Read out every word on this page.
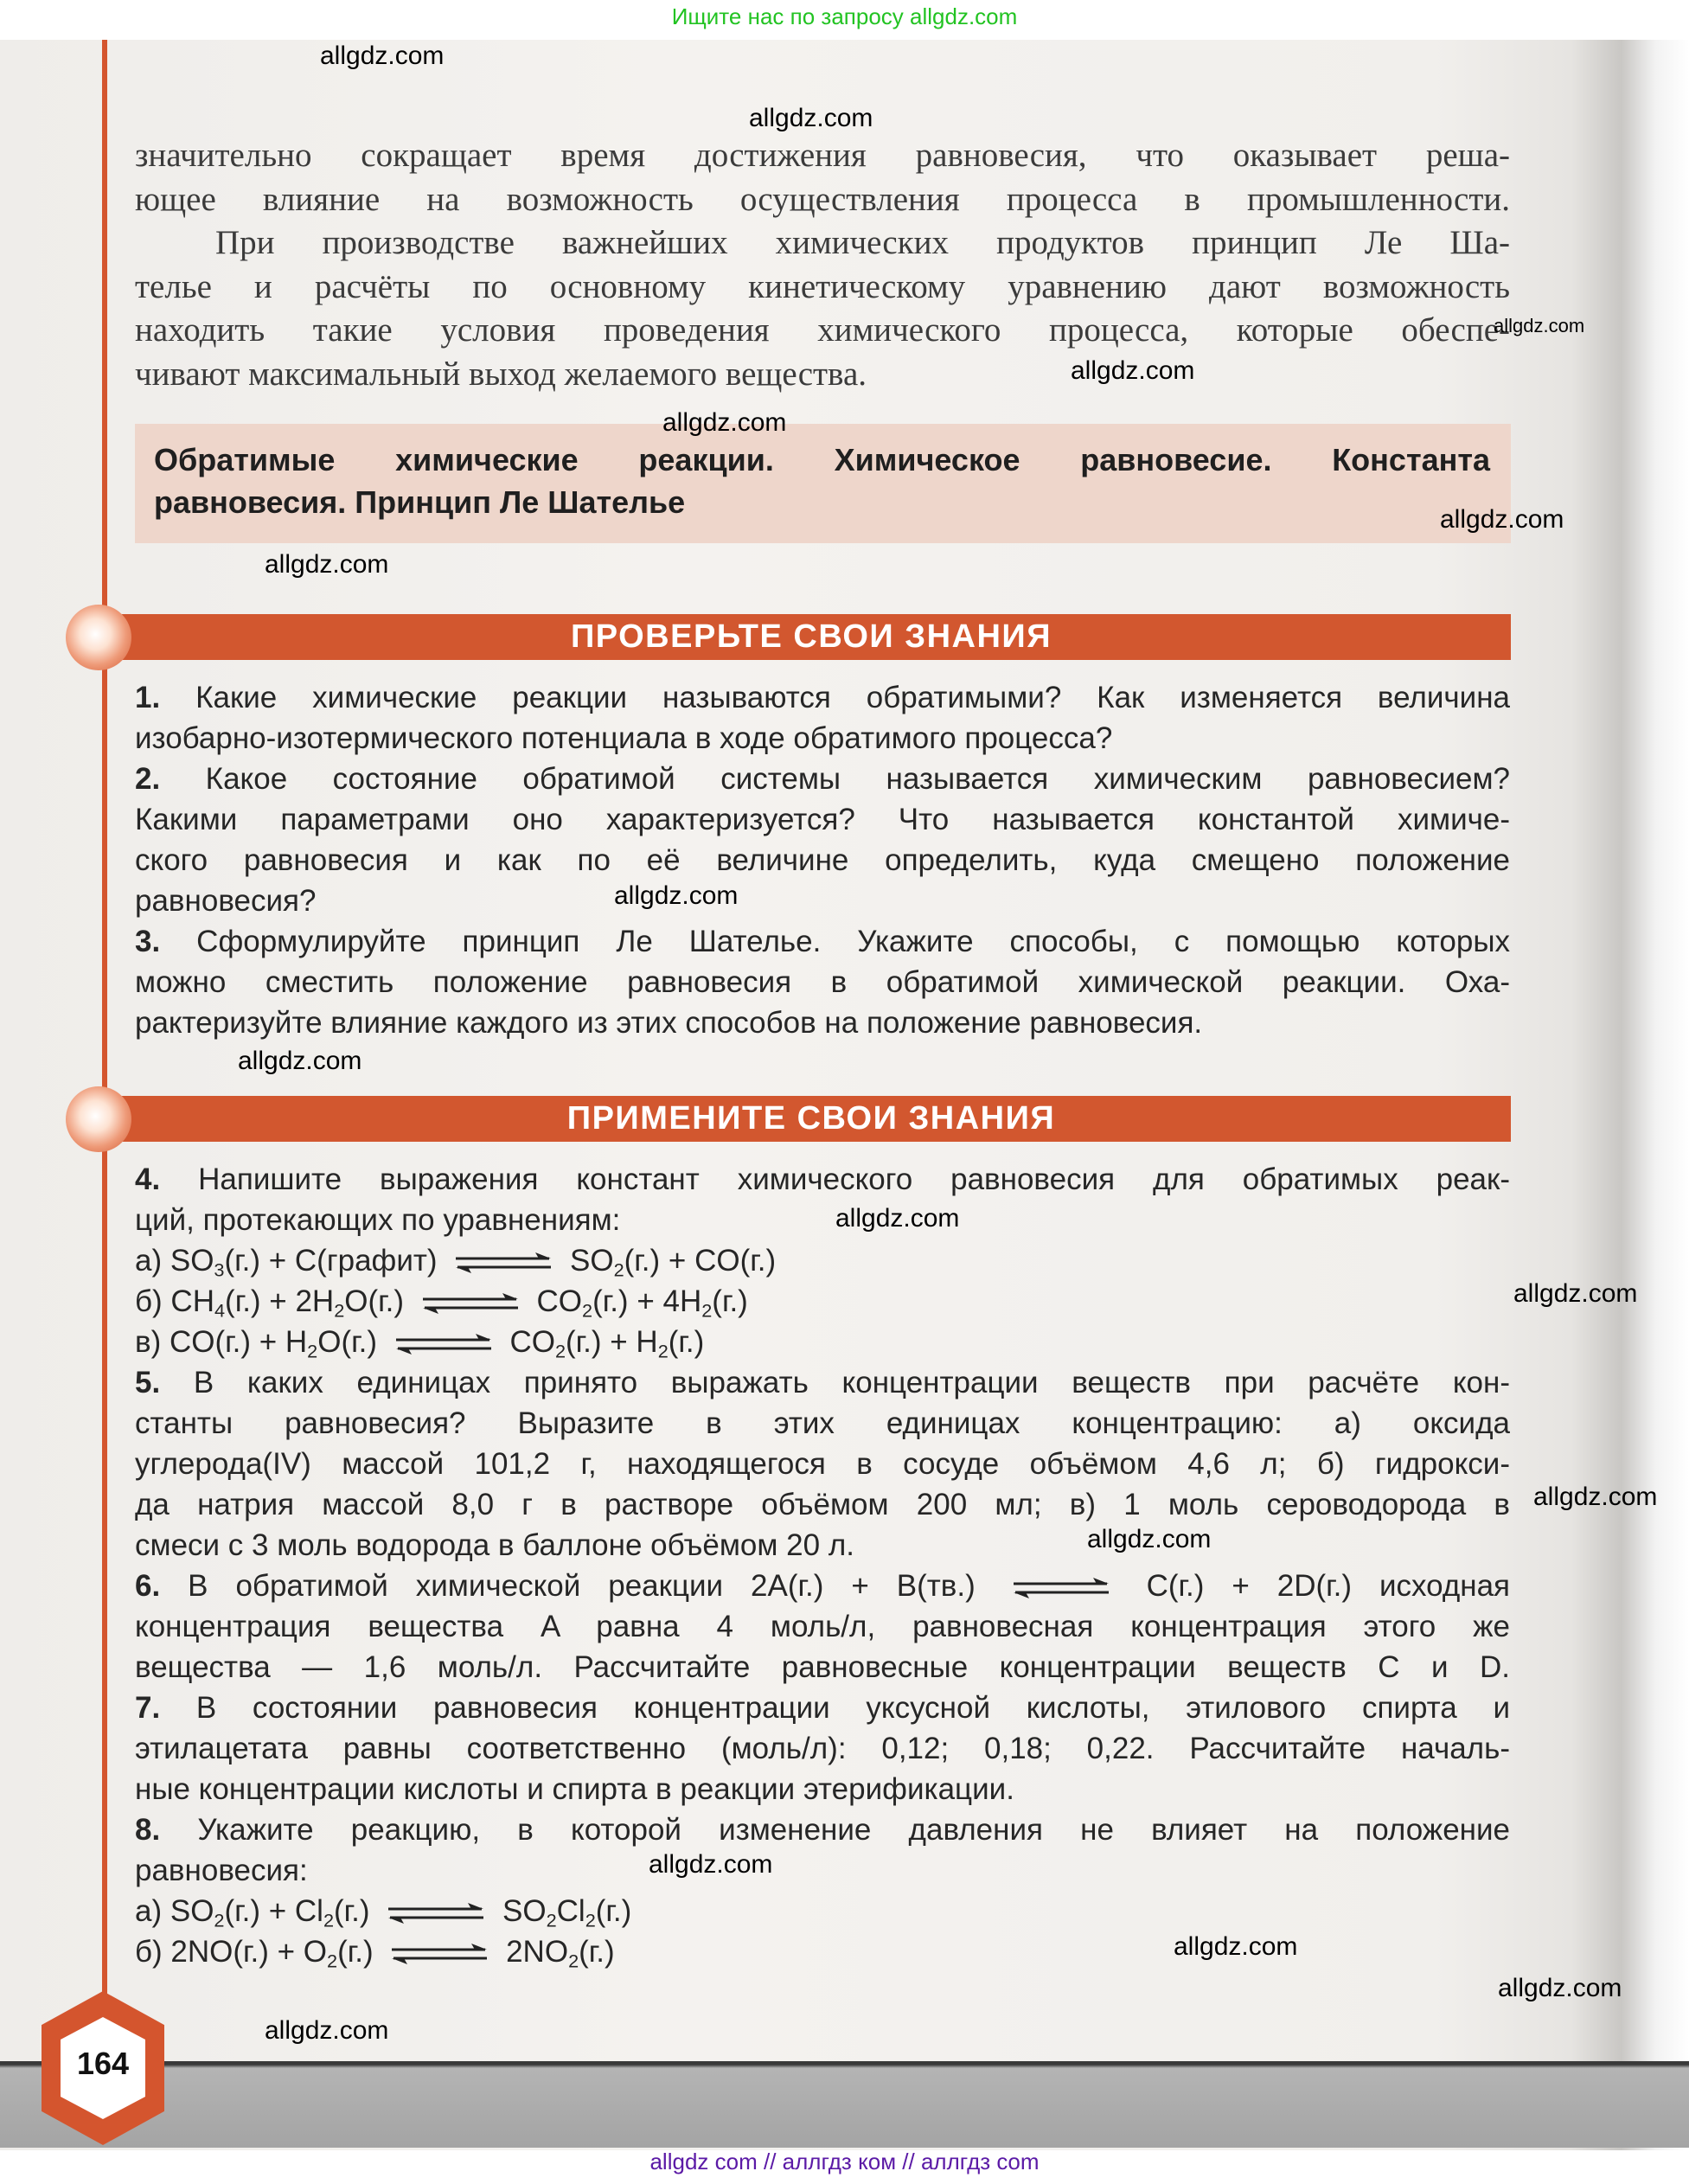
Ищите нас по запросу allgdz.com
значительно сокращает время достижения равновесия, что оказывает реша-
ющее влияние на возможность осуществления процесса в промышленности.
При производстве важнейших химических продуктов принцип Ле Ша-
телье и расчёты по основному кинетическому уравнению дают возможность
находить такие условия проведения химического процесса, которые обеспе-
чивают максимальный выход желаемого вещества.
Обратимые химические реакции. Химическое равновесие. Константа
равновесия. Принцип Ле Шателье
ПРОВЕРЬТЕ СВОИ ЗНАНИЯ
1. Какие химические реакции называются обратимыми? Как изменяется величина
изобарно-изотермического потенциала в ходе обратимого процесса?
2. Какое состояние обратимой системы называется химическим равновесием?
Какими параметрами оно характеризуется? Что называется константой химиче-
ского равновесия и как по её величине определить, куда смещено положение
равновесия?
3. Сформулируйте принцип Ле Шателье. Укажите способы, с помощью которых
можно сместить положение равновесия в обратимой химической реакции. Оха-
рактеризуйте влияние каждого из этих способов на положение равновесия.
ПРИМЕНИТЕ СВОИ ЗНАНИЯ
4. Напишите выражения констант химического равновесия для обратимых реак-
ций, протекающих по уравнениям:
а) $SO_3(г.)$ + C(графит) ⇌ $SO_2(г.) + CO(г.)$
б) $CH_4(г.) + 2H_2O(г.)$ ⇌ $CO_2(г.) + 4H_2(г.)$
в) $CO(г.) + H_2O(г.)$ ⇌ $CO_2(г.) + H_2(г.)$
5. В каких единицах принято выражать концентрации веществ при расчёте кон-
станты равновесия? Выразите в этих единицах концентрацию: а) оксида
углерода(IV) массой 101,2 г, находящегося в сосуде объёмом 4,6 л; б) гидрокси-
да натрия массой 8,0 г в растворе объёмом 200 мл; в) 1 моль сероводорода в
смеси с 3 моль водорода в баллоне объёмом 20 л.
6. В обратимой химической реакции 2A(г.) + B(тв.) ⇌ C(г.) + 2D(г.) исходная
концентрация вещества A равна 4 моль/л, равновесная концентрация этого же
вещества — 1,6 моль/л. Рассчитайте равновесные концентрации веществ C и D.
7. В состоянии равновесия концентрации уксусной кислоты, этилового спирта и
этилацетата равны соответственно (моль/л): 0,12; 0,18; 0,22. Рассчитайте началь-
ные концентрации кислоты и спирта в реакции этерификации.
8. Укажите реакцию, в которой изменение давления не влияет на положение
равновесия:
а) $SO_2(г.) + Cl_2(г.)$ ⇌ $SO_2Cl_2(г.)$
б) $2NO(г.) + O_2(г.)$ ⇌ $2NO_2(г.)$
164
allgdz.com
allgdz.com
allgdz.com
allgdz.com
allgdz.com
allgdz.com
allgdz.com
allgdz.com
allgdz.com
allgdz.com
allgdz.com
allgdz.com
allgdz.com
allgdz.com
allgdz.com
allgdz.com
allgdz.com
allgdz com // аллгдз ком // аллгдз com
